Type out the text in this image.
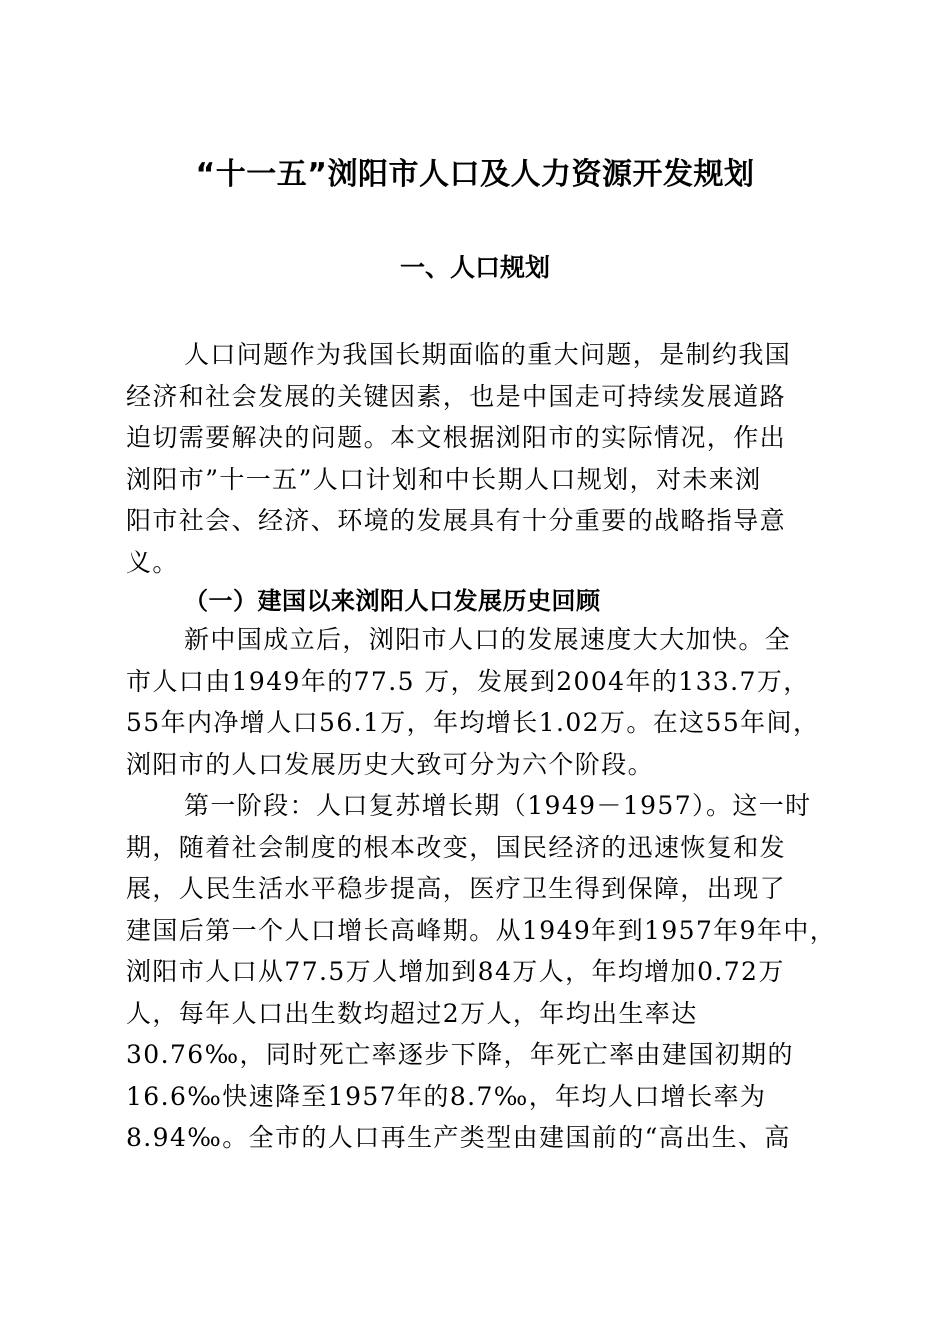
“十一五”浏阳市人口及人力资源开发规划
一、人口规划
人口问题作为我国长期面临的重大问题，是制约我国
经济和社会发展的关键因素，也是中国走可持续发展道路
迫切需要解决的问题。本文根据浏阳市的实际情况，作出
浏阳市”十一五”人口计划和中长期人口规划，对未来浏
阳市社会、经济、环境的发展具有十分重要的战略指导意
义。
（一）建国以来浏阳人口发展历史回顾
新中国成立后，浏阳市人口的发展速度大大加快。全
市人口由1949年的77.5 万，发展到2004年的133.7万，
55年内净增人口56.1万，年均增长1.02万。在这55年间，
浏阳市的人口发展历史大致可分为六个阶段。
第一阶段：人口复苏增长期（1949－1957）。这一时
期，随着社会制度的根本改变，国民经济的迅速恢复和发
展，人民生活水平稳步提高，医疗卫生得到保障，出现了
建国后第一个人口增长高峰期。从1949年到1957年9年中，
浏阳市人口从77.5万人增加到84万人，年均增加0.72万
人，每年人口出生数均超过2万人，年均出生率达
30.76‰，同时死亡率逐步下降，年死亡率由建国初期的
16.6‰快速降至1957年的8.7‰，年均人口增长率为
8.94‰。全市的人口再生产类型由建国前的“高出生、高
